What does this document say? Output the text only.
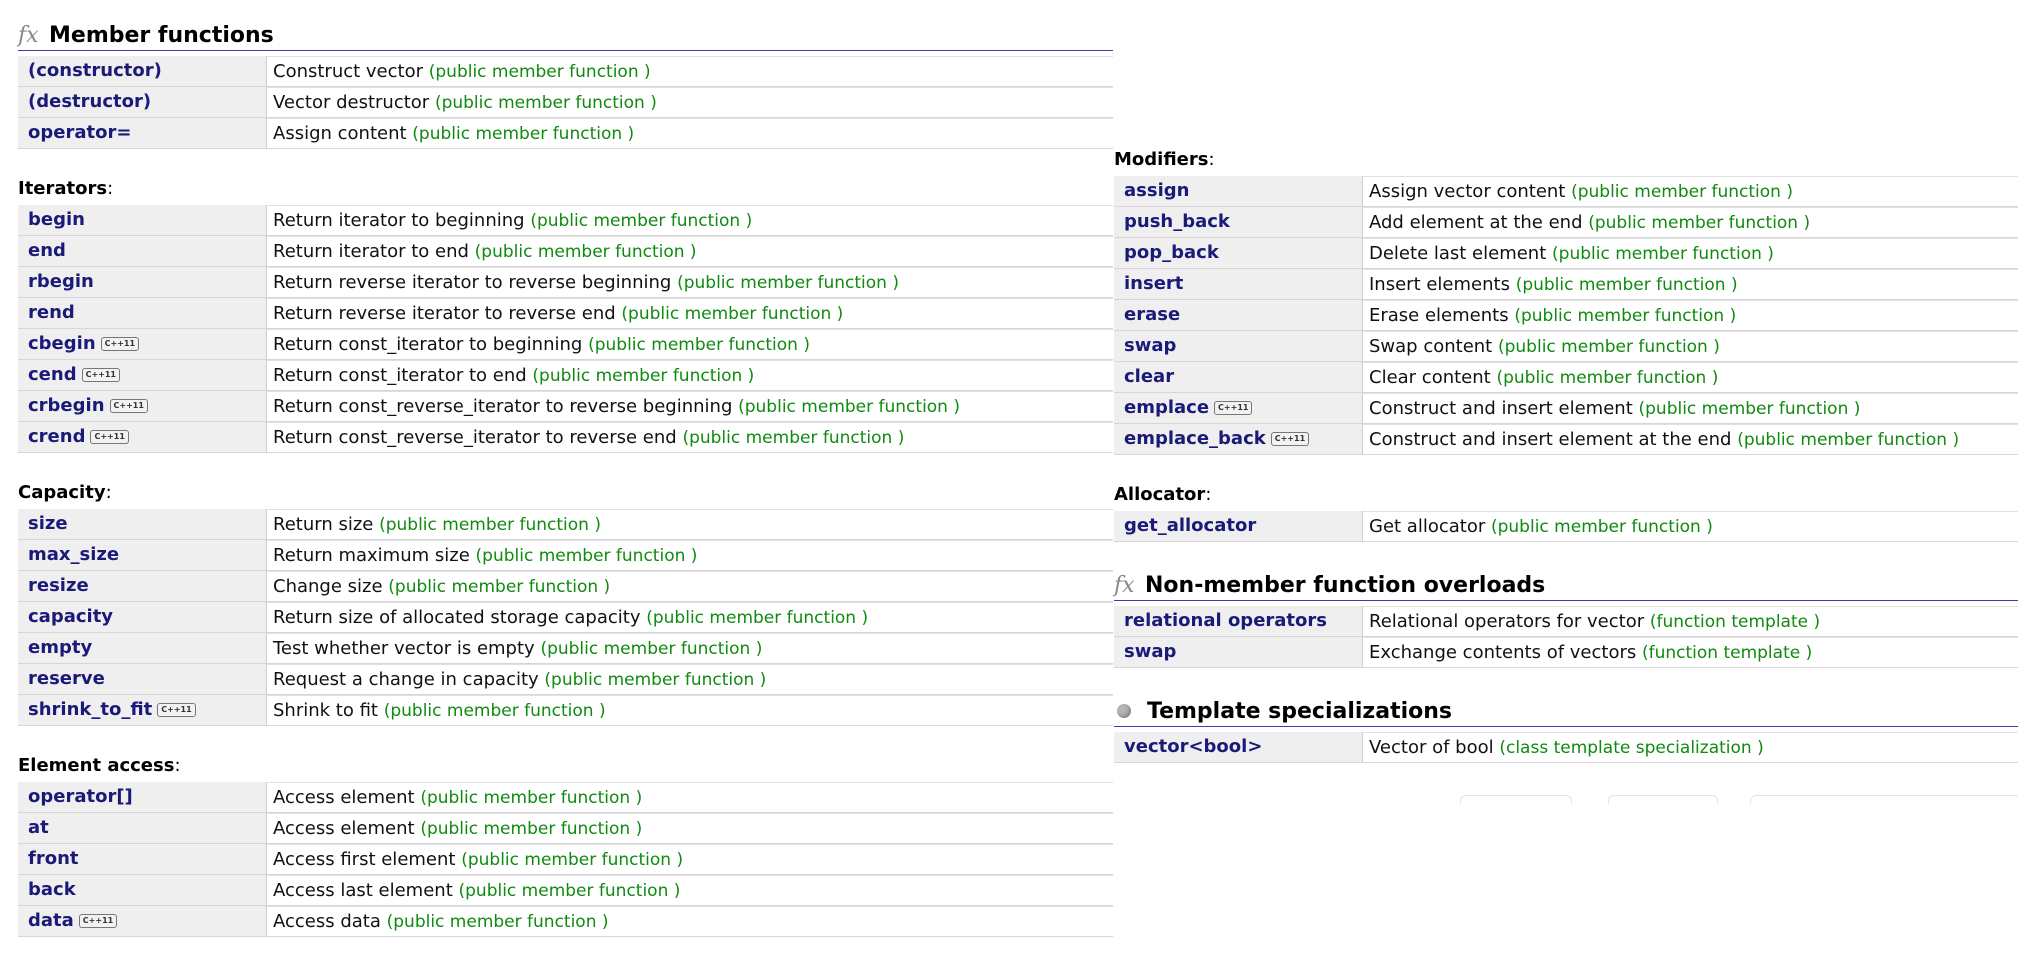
fx Member functions
(constructor)	Construct vector (public member function )
(destructor)	Vector destructor (public member function )
operator=	Assign content (public member function )
Iterators:
begin	Return iterator to beginning (public member function )
end	Return iterator to end (public member function )
rbegin	Return reverse iterator to reverse beginning (public member function )
rend	Return reverse iterator to reverse end (public member function )
cbegin	C++11	Return const_iterator to beginning (public member function )
cend	C++11	Return const_iterator to end (public member function )
crbegin	C++11	Return const_reverse_iterator to reverse beginning (public member function )
crend	C++11	Return const_reverse_iterator to reverse end (public member function )
Capacity:
size	Return size (public member function )
max_size	Return maximum size (public member function )
resize	Change size (public member function )
capacity	Return size of allocated storage capacity (public member function )
empty	Test whether vector is empty (public member function )
reserve	Request a change in capacity (public member function )
shrink_to_fit	C++11	Shrink to fit (public member function )
Element access:
operator[]	Access element (public member function )
at	Access element (public member function )
front	Access first element (public member function )
back	Access last element (public member function )
data	C++11	Access data (public member function )
Modifiers:
assign	Assign vector content (public member function )
push_back	Add element at the end (public member function )
pop_back	Delete last element (public member function )
insert	Insert elements (public member function )
erase	Erase elements (public member function )
swap	Swap content (public member function )
clear	Clear content (public member function )
emplace	C++11	Construct and insert element (public member function )
emplace_back	C++11	Construct and insert element at the end (public member function )
Allocator:
get_allocator	Get allocator (public member function )
fx Non-member function overloads
relational operators	Relational operators for vector (function template )
swap	Exchange contents of vectors (function template )
Template specializations
vector<bool>	Vector of bool (class template specialization )
